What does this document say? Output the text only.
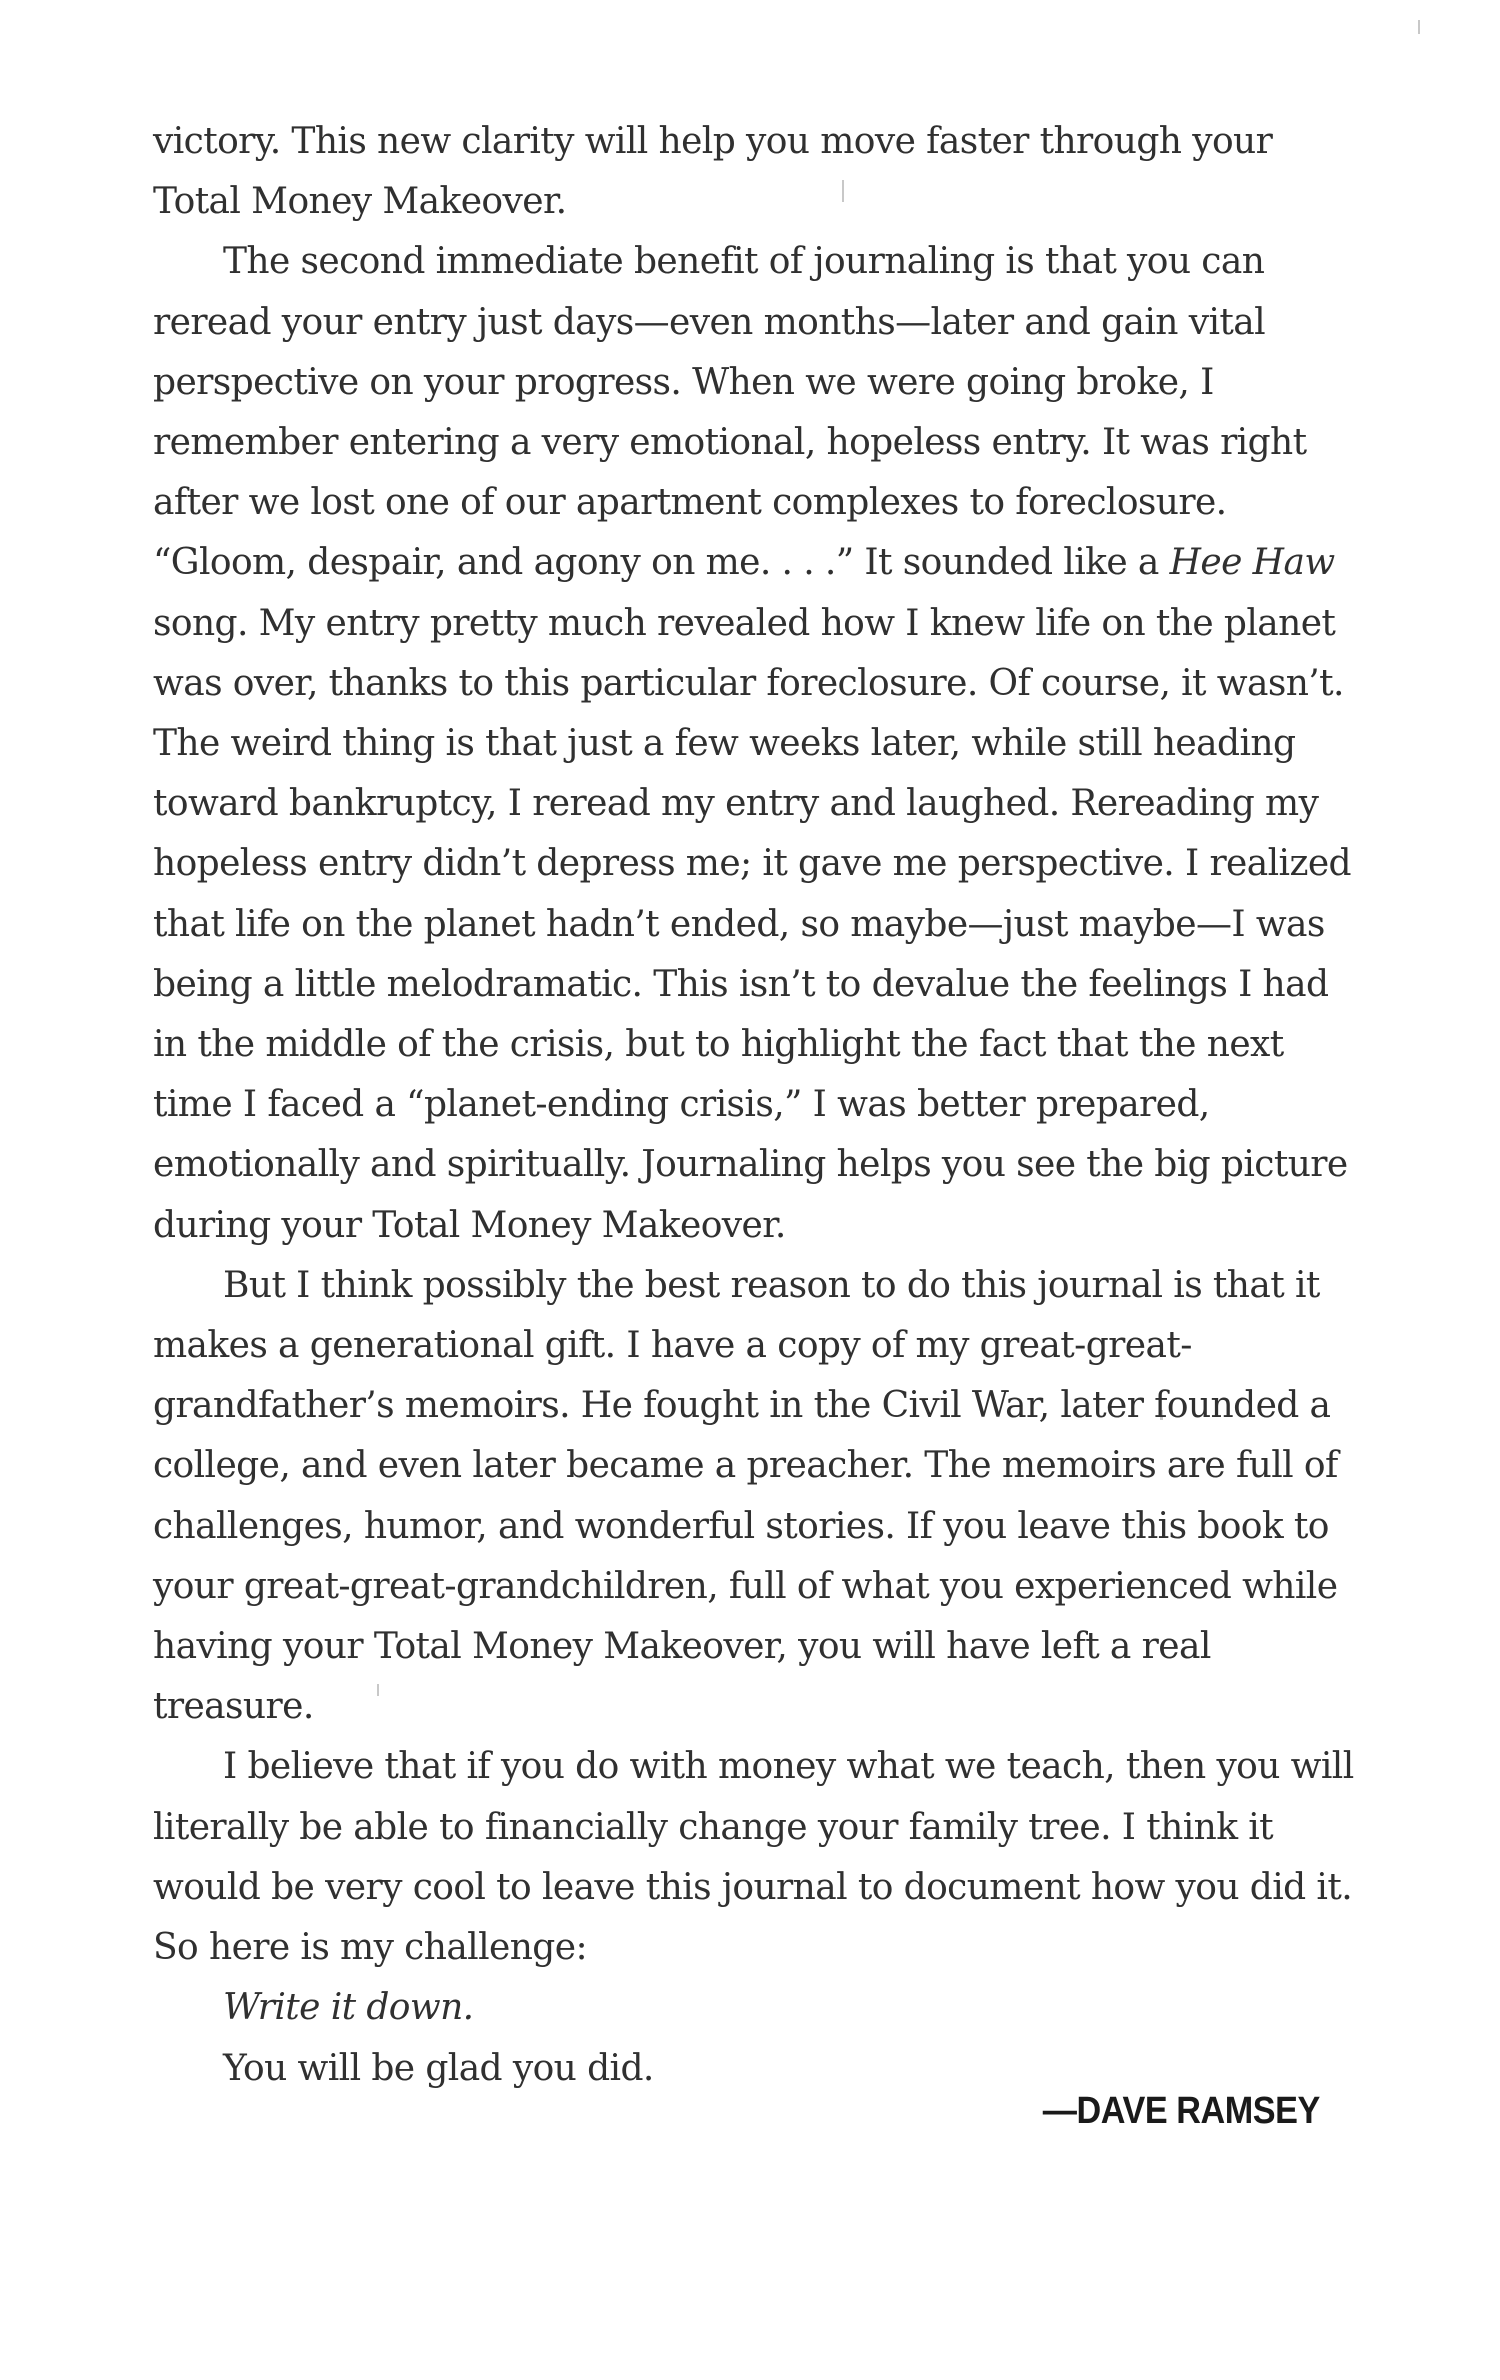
victory. This new clarity will help you move faster through your Total Money Makeover.

The second immediate benefit of journaling is that you can reread your entry just days—even months—later and gain vital perspective on your progress. When we were going broke, I remember entering a very emotional, hopeless entry. It was right after we lost one of our apartment complexes to foreclosure. “Gloom, despair, and agony on me. . . .” It sounded like a Hee Haw song. My entry pretty much revealed how I knew life on the planet was over, thanks to this particular foreclosure. Of course, it wasn’t. The weird thing is that just a few weeks later, while still heading toward bankruptcy, I reread my entry and laughed. Rereading my hopeless entry didn’t depress me; it gave me perspective. I realized that life on the planet hadn’t ended, so maybe—just maybe—I was being a little melodramatic. This isn’t to devalue the feelings I had in the middle of the crisis, but to highlight the fact that the next time I faced a “planet-ending crisis,” I was better prepared, emotionally and spiritually. Journaling helps you see the big picture during your Total Money Makeover.

But I think possibly the best reason to do this journal is that it makes a generational gift. I have a copy of my great-great-grandfather’s memoirs. He fought in the Civil War, later founded a college, and even later became a preacher. The memoirs are full of challenges, humor, and wonderful stories. If you leave this book to your great-great-grandchildren, full of what you experienced while having your Total Money Makeover, you will have left a real treasure.

I believe that if you do with money what we teach, then you will literally be able to financially change your family tree. I think it would be very cool to leave this journal to document how you did it. So here is my challenge:

Write it down.

You will be glad you did.

—DAVE RAMSEY
